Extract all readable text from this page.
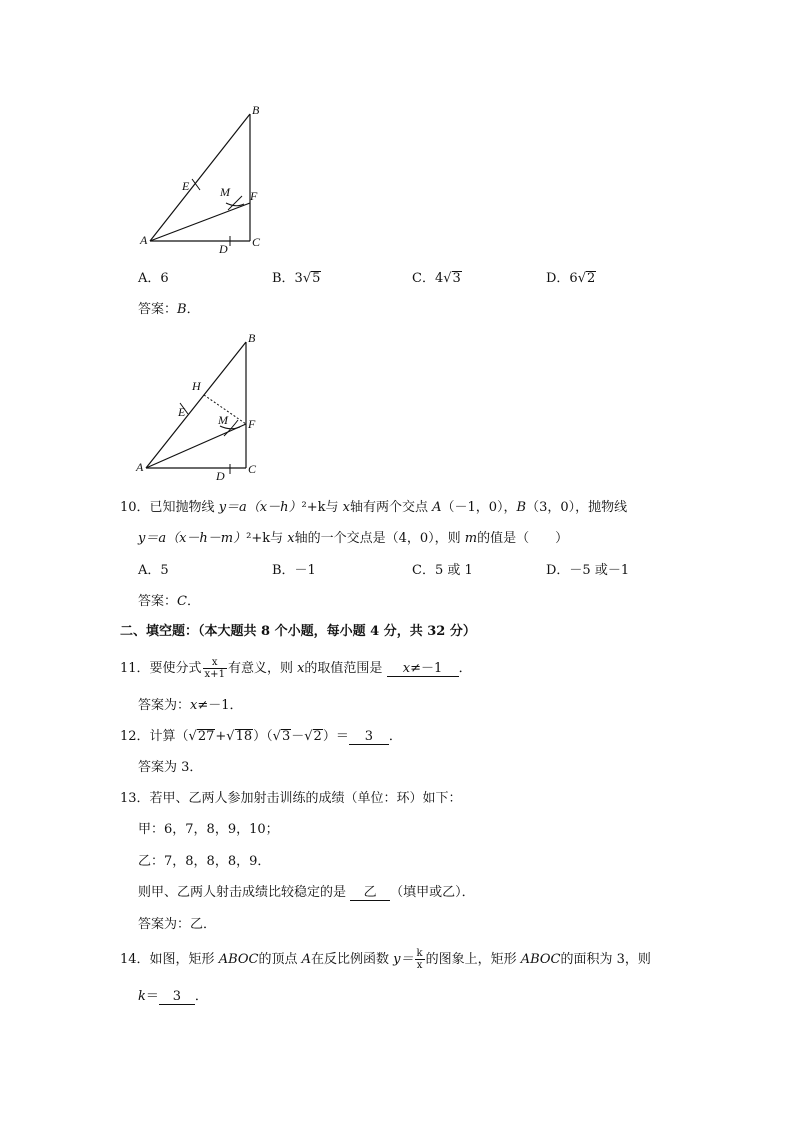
B
E	M F
A
D C
A．6	B．3√5	C．4√3	D．6√2
答案：B．
B
H
E
M F
A
D C
10．已知抛物线 y＝a（x－h）²+k与 x轴有两个交点 A（－1，0），B（3，0），抛物线
y＝a（x－h－m）²+k与 x轴的一个交点是（4，0），则 m的值是（　　）
A．5	B．－1	C．5 或 1	D．－5 或－1
答案：C．
二、填空题：（本大题共 8 个小题，每小题 4 分，共 32 分）
11．要使分式 $\frac{x}{x+1}$ 有意义，则 x的取值范围是 x≠－1 ．
答案为：x≠－1．
12．计算（√27+√18）（√3－√2）＝ 3 ．
答案为 3．
13．若甲、乙两人参加射击训练的成绩（单位：环）如下：
甲：6，7，8，9，10；
乙：7，8，8，8，9．
则甲、乙两人射击成绩比较稳定的是 乙 （填甲或乙）．
答案为：乙．
14．如图，矩形 ABOC的顶点 A在反比例函数 $y= \frac{k}{x}$ 的图象上，矩形 ABOC的面积为 3，则
k＝ 3 ．
